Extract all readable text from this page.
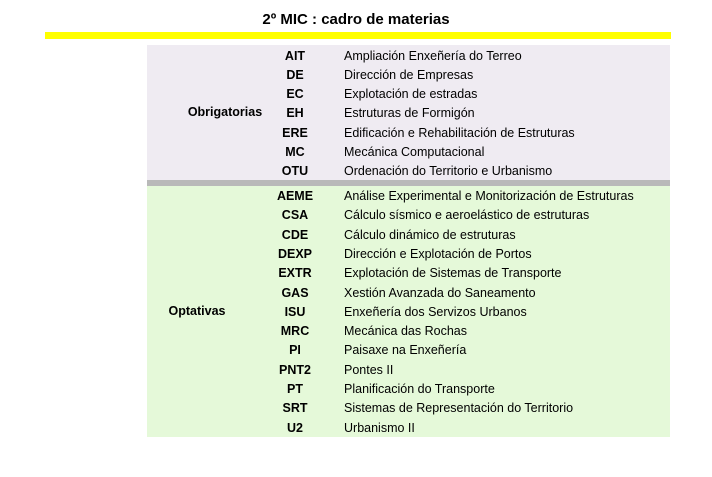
2º MIC : cadro de materias
Obrigatorias
AIT	Ampliación Enxeñería do Terreo
DE	Dirección de Empresas
EC	Explotación de estradas
EH	Estruturas de Formigón
ERE	Edificación e Rehabilitación de Estruturas
MC	Mecánica Computacional
OTU	Ordenación do Territorio e Urbanismo
Optativas
AEME	Análise Experimental e Monitorización de Estruturas
CSA	Cálculo sísmico e aeroelástico de estruturas
CDE	Cálculo dinámico de estruturas
DEXP	Dirección e Explotación de Portos
EXTR	Explotación de Sistemas de Transporte
GAS	Xestión Avanzada do Saneamento
ISU	Enxeñería dos Servizos Urbanos
MRC	Mecánica das Rochas
PI	Paisaxe na Enxeñería
PNT2	Pontes II
PT	Planificación do Transporte
SRT	Sistemas de Representación do Territorio
U2	Urbanismo II
